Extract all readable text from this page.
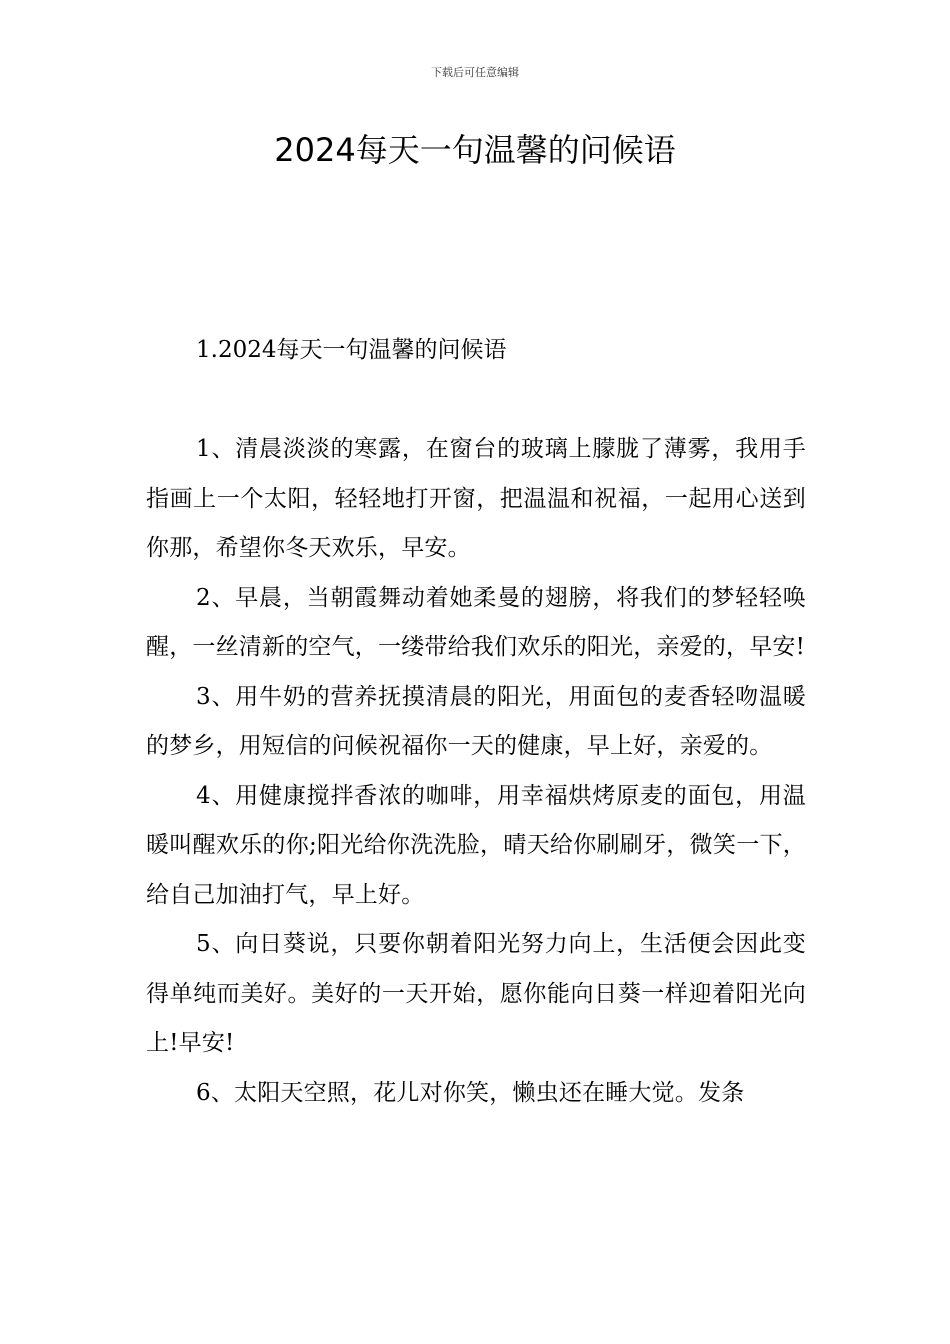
下载后可任意编辑
2024每天一句温馨的问候语
1.2024每天一句温馨的问候语

1、清晨淡淡的寒露，在窗台的玻璃上朦胧了薄雾，我用手指画上一个太阳，轻轻地打开窗，把温温和祝福，一起用心送到你那，希望你冬天欢乐，早安。

2、早晨，当朝霞舞动着她柔曼的翅膀，将我们的梦轻轻唤醒，一丝清新的空气，一缕带给我们欢乐的阳光，亲爱的，早安!

3、用牛奶的营养抚摸清晨的阳光，用面包的麦香轻吻温暖的梦乡，用短信的问候祝福你一天的健康，早上好，亲爱的。

4、用健康搅拌香浓的咖啡，用幸福烘烤原麦的面包，用温暖叫醒欢乐的你;阳光给你洗洗脸，晴天给你刷刷牙，微笑一下，给自己加油打气，早上好。

5、向日葵说，只要你朝着阳光努力向上，生活便会因此变得单纯而美好。美好的一天开始，愿你能向日葵一样迎着阳光向上!早安!

6、太阳天空照，花儿对你笑，懒虫还在睡大觉。发条
